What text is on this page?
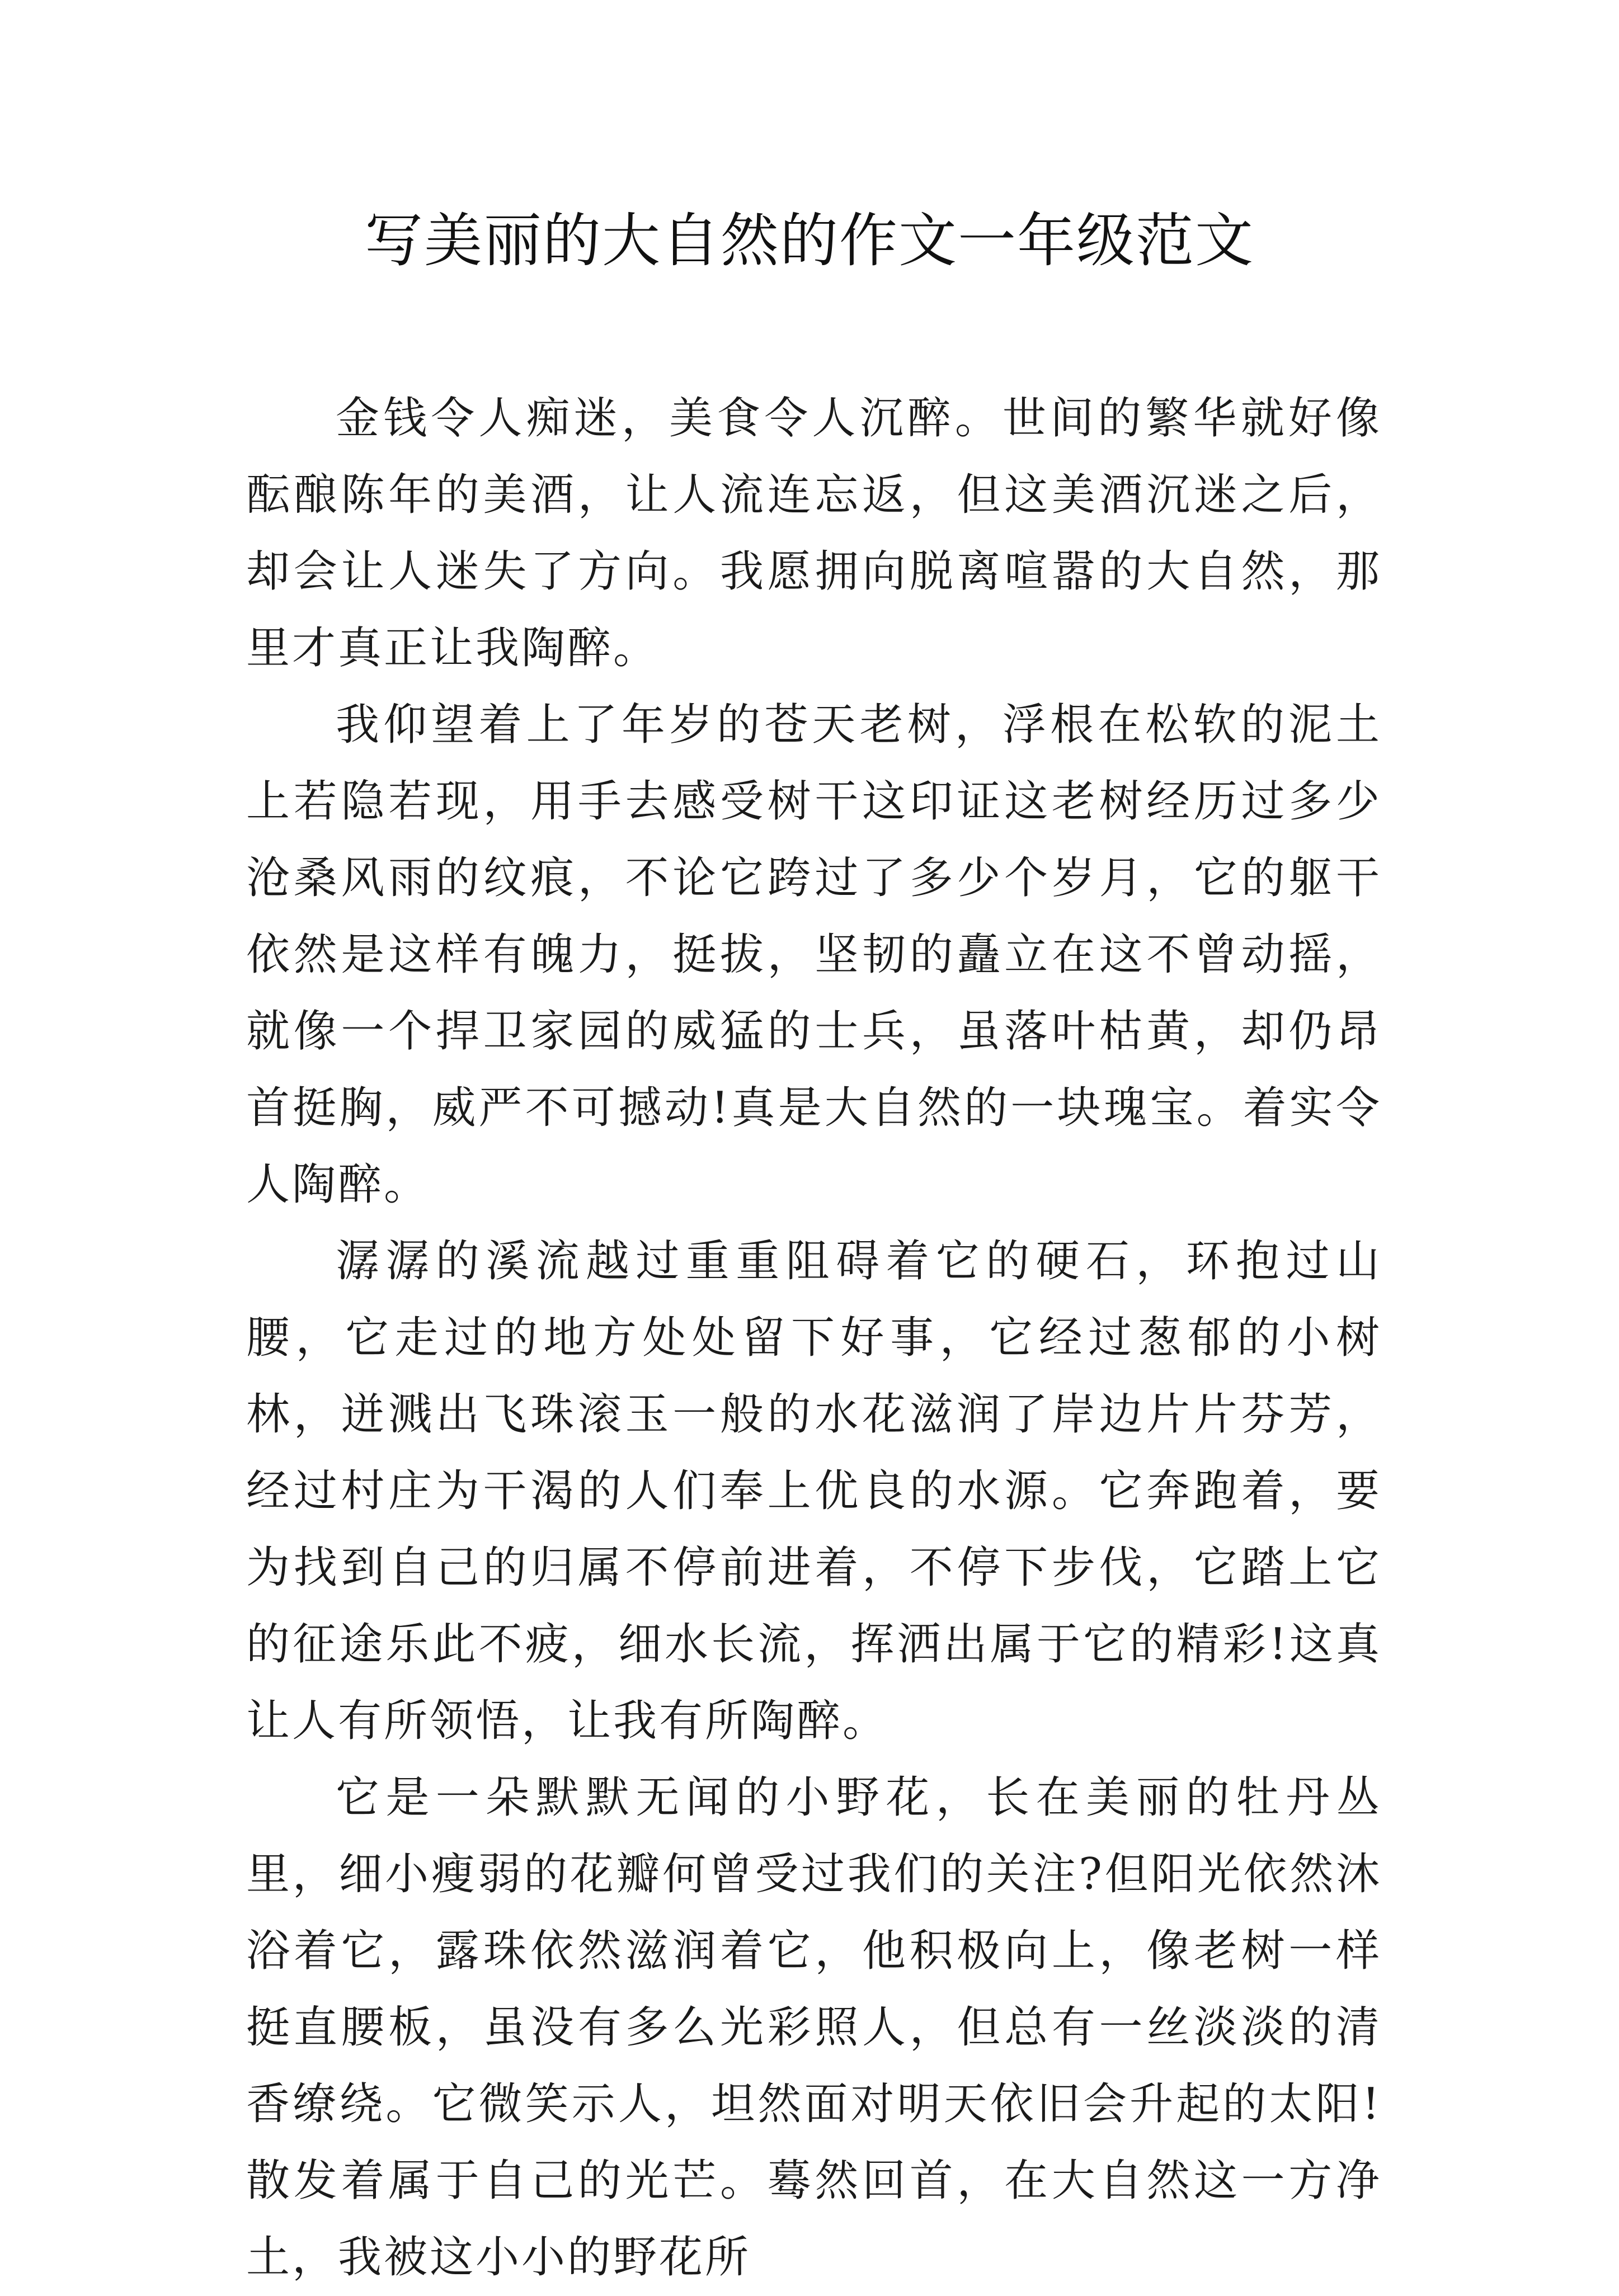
写美丽的大自然的作文一年级范文

金钱令人痴迷，美食令人沉醉。世间的繁华就好像酝酿陈年的美酒，让人流连忘返，但这美酒沉迷之后，却会让人迷失了方向。我愿拥向脱离喧嚣的大自然，那里才真正让我陶醉。

我仰望着上了年岁的苍天老树，浮根在松软的泥土上若隐若现，用手去感受树干这印证这老树经历过多少沧桑风雨的纹痕，不论它跨过了多少个岁月，它的躯干依然是这样有魄力，挺拔，坚韧的矗立在这不曾动摇，就像一个捍卫家园的威猛的士兵，虽落叶枯黄，却仍昂首挺胸，威严不可撼动!真是大自然的一块瑰宝。着实令人陶醉。

潺潺的溪流越过重重阻碍着它的硬石，环抱过山腰，它走过的地方处处留下好事，它经过葱郁的小树林，迸溅出飞珠滚玉一般的水花滋润了岸边片片芬芳，经过村庄为干渴的人们奉上优良的水源。它奔跑着，要为找到自己的归属不停前进着，不停下步伐，它踏上它的征途乐此不疲，细水长流，挥洒出属于它的精彩!这真让人有所领悟，让我有所陶醉。

它是一朵默默无闻的小野花，长在美丽的牡丹丛里，细小瘦弱的花瓣何曾受过我们的关注?但阳光依然沐浴着它，露珠依然滋润着它，他积极向上，像老树一样挺直腰板，虽没有多么光彩照人，但总有一丝淡淡的清香缭绕。它微笑示人，坦然面对明天依旧会升起的太阳!散发着属于自己的光芒。蓦然回首，在大自然这一方净土，我被这小小的野花所
